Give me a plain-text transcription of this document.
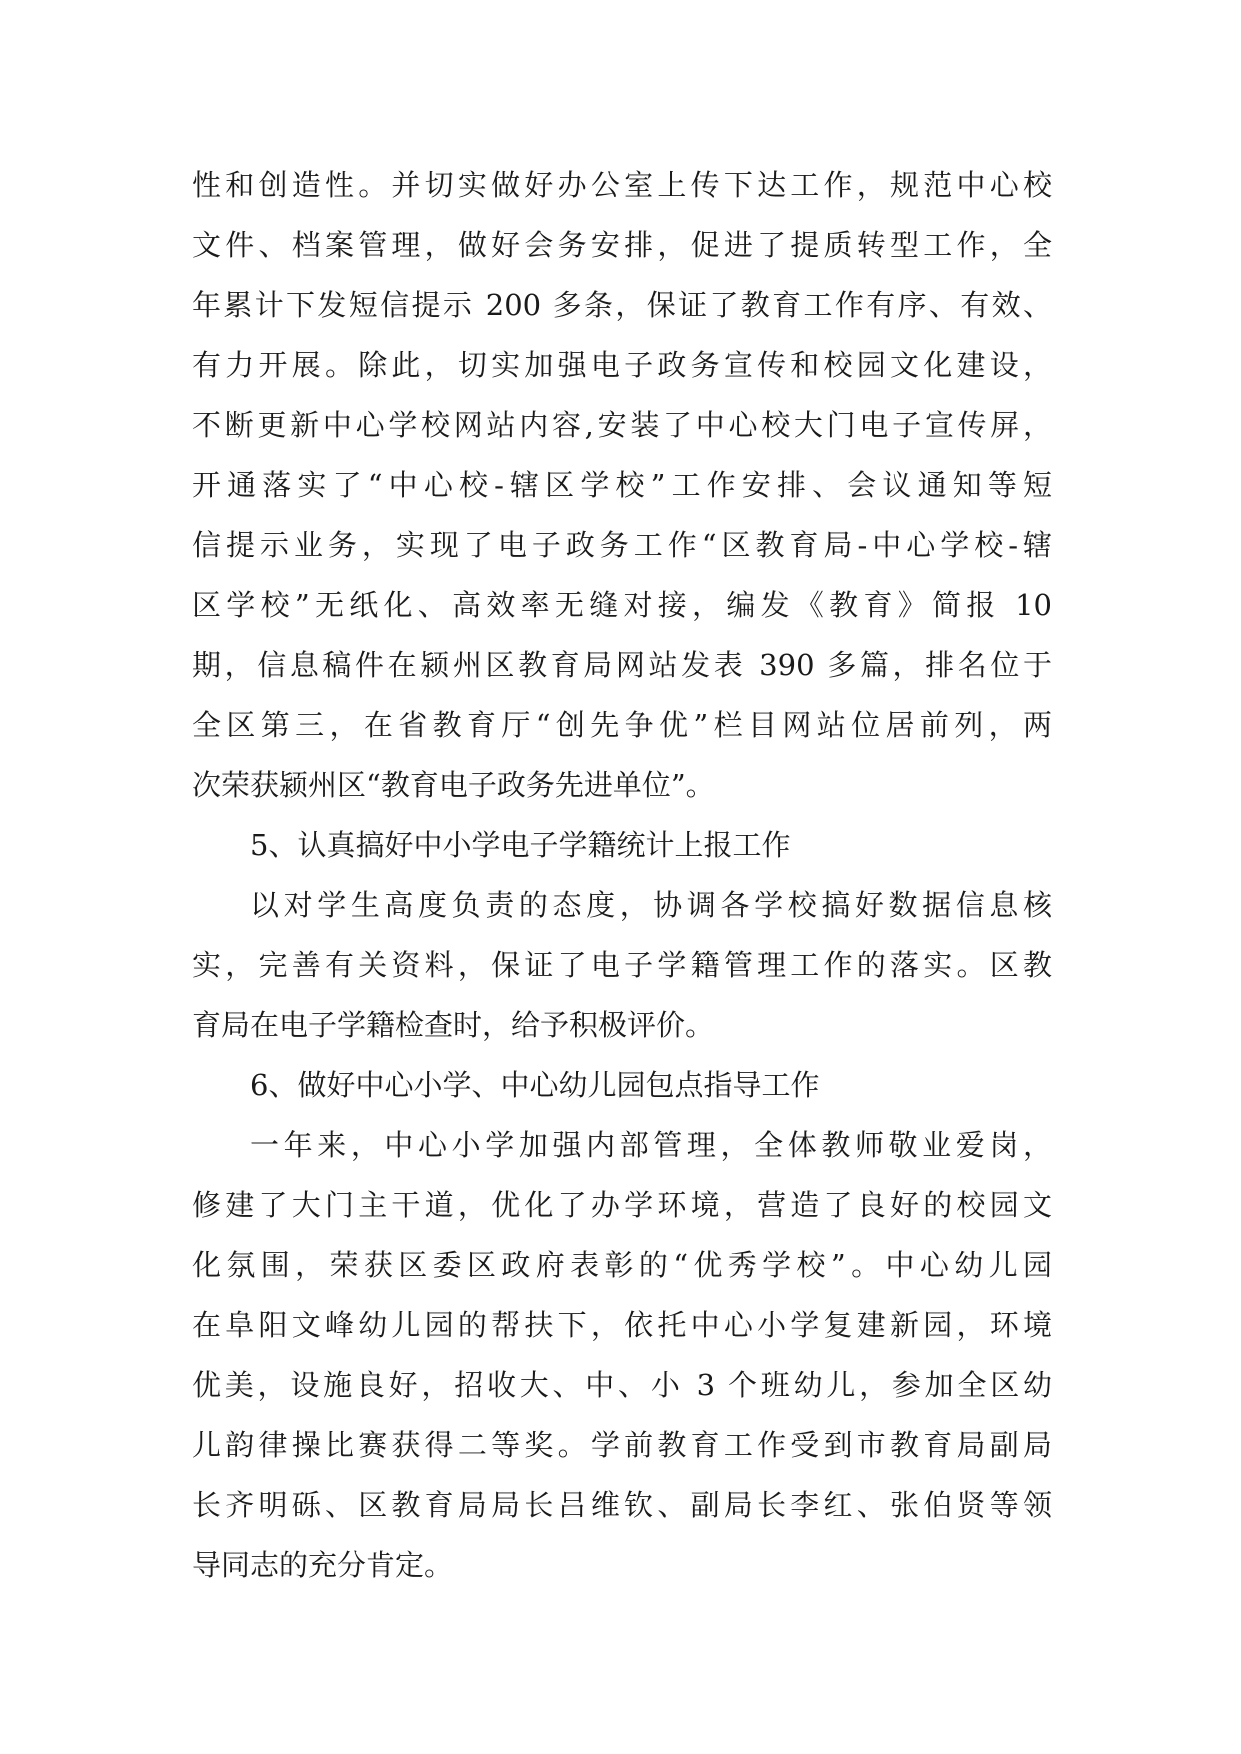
性和创造性。并切实做好办公室上传下达工作，规范中心校
文件、档案管理，做好会务安排，促进了提质转型工作，全
年累计下发短信提示 200 多条，保证了教育工作有序、有效、
有力开展。除此，切实加强电子政务宣传和校园文化建设，
不断更新中心学校网站内容,安装了中心校大门电子宣传屏，
开通落实了“中心校-辖区学校”工作安排、会议通知等短
信提示业务，实现了电子政务工作“区教育局-中心学校-辖
区学校”无纸化、高效率无缝对接，编发《教育》简报 10
期，信息稿件在颍州区教育局网站发表 390 多篇，排名位于
全区第三，在省教育厅“创先争优”栏目网站位居前列，两
次荣获颍州区“教育电子政务先进单位”。
5、认真搞好中小学电子学籍统计上报工作
以对学生高度负责的态度，协调各学校搞好数据信息核
实，完善有关资料，保证了电子学籍管理工作的落实。区教
育局在电子学籍检查时，给予积极评价。
6、做好中心小学、中心幼儿园包点指导工作
一年来，中心小学加强内部管理，全体教师敬业爱岗，
修建了大门主干道，优化了办学环境，营造了良好的校园文
化氛围，荣获区委区政府表彰的“优秀学校”。中心幼儿园
在阜阳文峰幼儿园的帮扶下，依托中心小学复建新园，环境
优美，设施良好，招收大、中、小 3 个班幼儿，参加全区幼
儿韵律操比赛获得二等奖。学前教育工作受到市教育局副局
长齐明砾、区教育局局长吕维钦、副局长李红、张伯贤等领
导同志的充分肯定。
